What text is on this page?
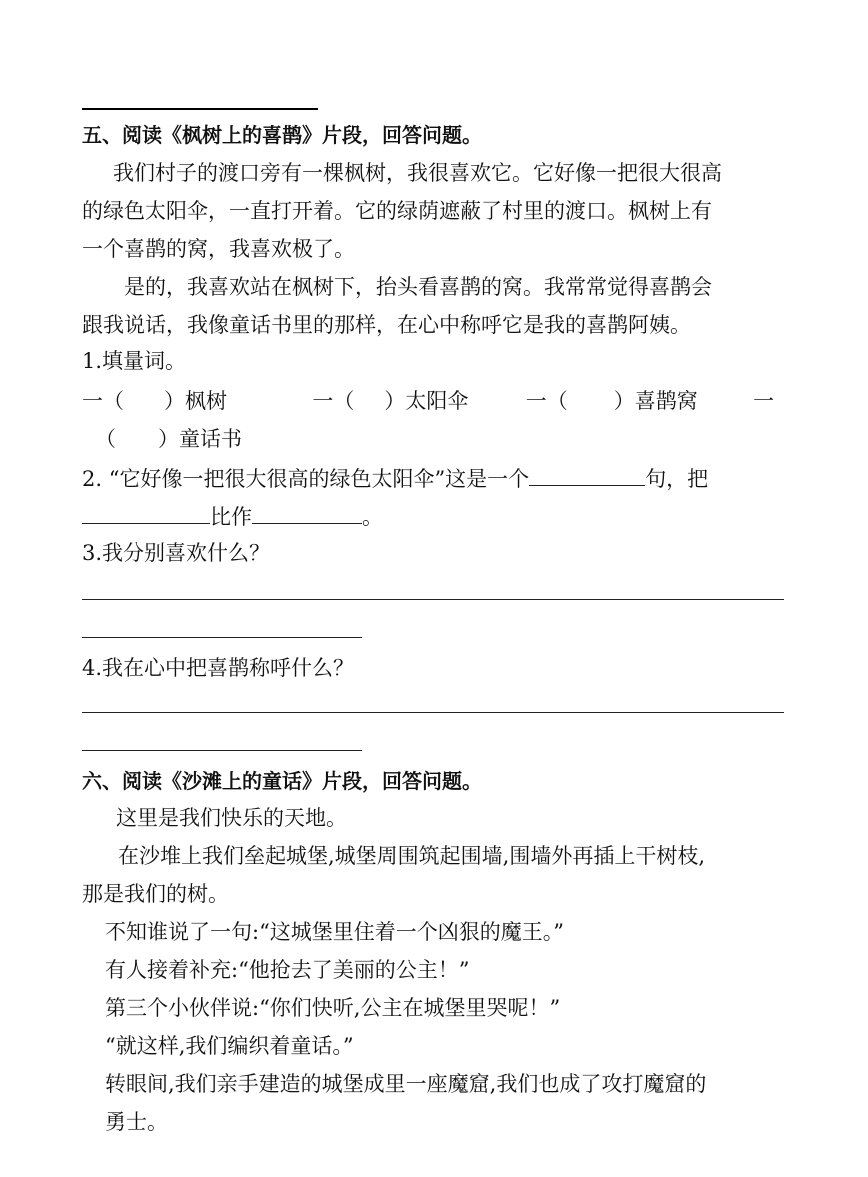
五、阅读《枫树上的喜鹊》片段，回答问题。
我们村子的渡口旁有一棵枫树，我很喜欢它。它好像一把很大很高
的绿色太阳伞，一直打开着。它的绿荫遮蔽了村里的渡口。枫树上有
一个喜鹊的窝，我喜欢极了。
是的，我喜欢站在枫树下，抬头看喜鹊的窝。我常常觉得喜鹊会
跟我说话，我像童话书里的那样，在心中称呼它是我的喜鹊阿姨。
1.填量词。
一（ ）枫树	一（ ）太阳伞	一（ ）喜鹊窝	一
（ ）童话书
2. “它好像一把很大很高的绿色太阳伞”这是一个	句，把
比作	。
3.我分别喜欢什么？
4.我在心中把喜鹊称呼什么？
六、阅读《沙滩上的童话》片段，回答问题。
这里是我们快乐的天地。
在沙堆上我们垒起城堡,城堡周围筑起围墙,围墙外再插上干树枝,
那是我们的树。
不知谁说了一句:“这城堡里住着一个凶狠的魔王。”
有人接着补充:“他抢去了美丽的公主！”
第三个小伙伴说:“你们快听,公主在城堡里哭呢！”
“就这样,我们编织着童话。”
转眼间,我们亲手建造的城堡成里一座魔窟,我们也成了攻打魔窟的
勇士。
